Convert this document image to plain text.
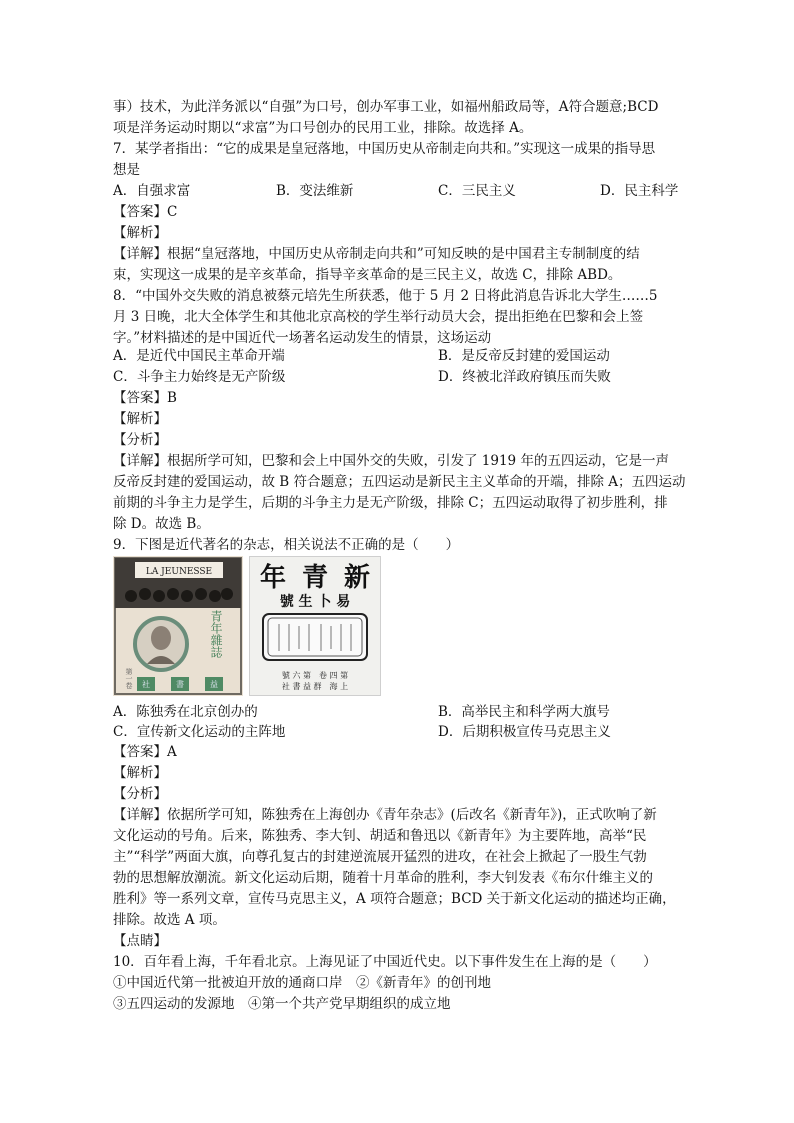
事）技术，为此洋务派以“自强”为口号，创办军事工业，如福州船政局等，A符合题意;BCD
项是洋务运动时期以“求富”为口号创办的民用工业，排除。故选择 A。
7．某学者指出：“它的成果是皇冠落地，中国历史从帝制走向共和。”实现这一成果的指导思
想是
A．自强求富	B．变法维新	C．三民主义	D．民主科学
【答案】C
【解析】
【详解】根据“皇冠落地，中国历史从帝制走向共和”可知反映的是中国君主专制制度的结
束，实现这一成果的是辛亥革命，指导辛亥革命的是三民主义，故选 C，排除 ABD。
8．“中国外交失败的消息被蔡元培先生所获悉，他于 5 月 2 日将此消息告诉北大学生……5
月 3 日晚，北大全体学生和其他北京高校的学生举行动员大会，提出拒绝在巴黎和会上签
字。”材料描述的是中国近代一场著名运动发生的情景，这场运动
A．是近代中国民主革命开端	B．是反帝反封建的爱国运动
C．斗争主力始终是无产阶级	D．终被北洋政府镇压而失败
【答案】B
【解析】
【分析】
【详解】根据所学可知，巴黎和会上中国外交的失败，引发了 1919 年的五四运动，它是一声
反帝反封建的爱国运动，故 B 符合题意；五四运动是新民主主义革命的开端，排除 A；五四运动
前期的斗争主力是学生，后期的斗争主力是无产阶级，排除 C；五四运动取得了初步胜利，排
除 D。故选 B。
9．下图是近代著名的杂志，相关说法不正确的是（　　）
LA JEUNESSE
青年雜誌
第一卷 社	書	益
年 青 新
號 生 卜 易
號 六 第　卷 四 第
社 書 益 群　海 上
A．陈独秀在北京创办的	B．高举民主和科学两大旗号
C．宣传新文化运动的主阵地	D．后期积极宣传马克思主义
【答案】A
【解析】
【分析】
【详解】依据所学可知，陈独秀在上海创办《青年杂志》(后改名《新青年》)，正式吹响了新
文化运动的号角。后来，陈独秀、李大钊、胡适和鲁迅以《新青年》为主要阵地，高举“民
主”“科学”两面大旗，向尊孔复古的封建逆流展开猛烈的进攻，在社会上掀起了一股生气勃
勃的思想解放潮流。新文化运动后期，随着十月革命的胜利，李大钊发表《布尔什维主义的
胜利》等一系列文章，宣传马克思主义，A 项符合题意；BCD 关于新文化运动的描述均正确，
排除。故选 A 项。
【点睛】
10．百年看上海，千年看北京。上海见证了中国近代史。以下事件发生在上海的是（　　）
①中国近代第一批被迫开放的通商口岸　②《新青年》的创刊地
③五四运动的发源地　④第一个共产党早期组织的成立地
